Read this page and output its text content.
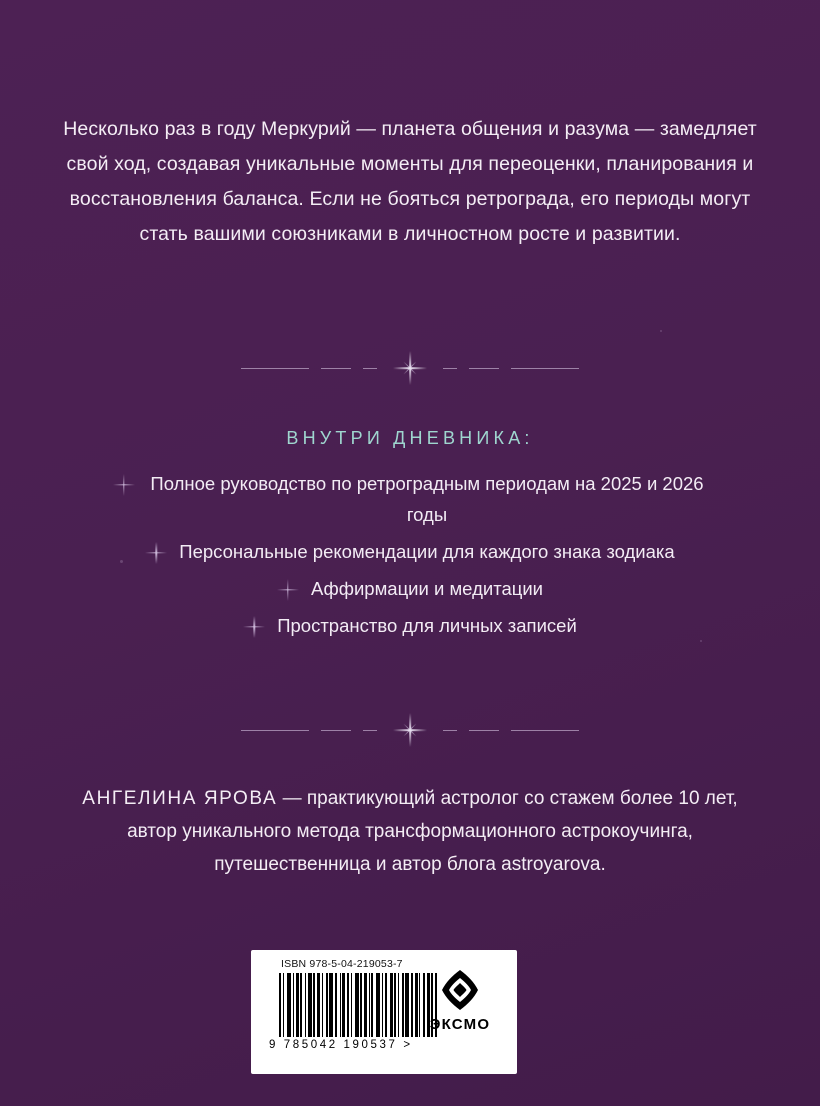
Несколько раз в году Меркурий — планета общения и разума — замедляет свой ход, создавая уникальные моменты для переоценки, планирования и восстановления баланса. Если не бояться ретрограда, его периоды могут стать вашими союзниками в личностном росте и развитии.
ВНУТРИ ДНЕВНИКА:
Полное руководство по ретроградным периодам на 2025 и 2026 годы
Персональные рекомендации для каждого знака зодиака
Аффирмации и медитации
Пространство для личных записей
АНГЕЛИНА ЯРОВА — практикующий астролог со стажем более 10 лет, автор уникального метода трансформационного астрокоучинга, путешественница и автор блога astroyarova.
ISBN 978-5-04-219053-7
9 785042 190537 >
ЭКСМО
